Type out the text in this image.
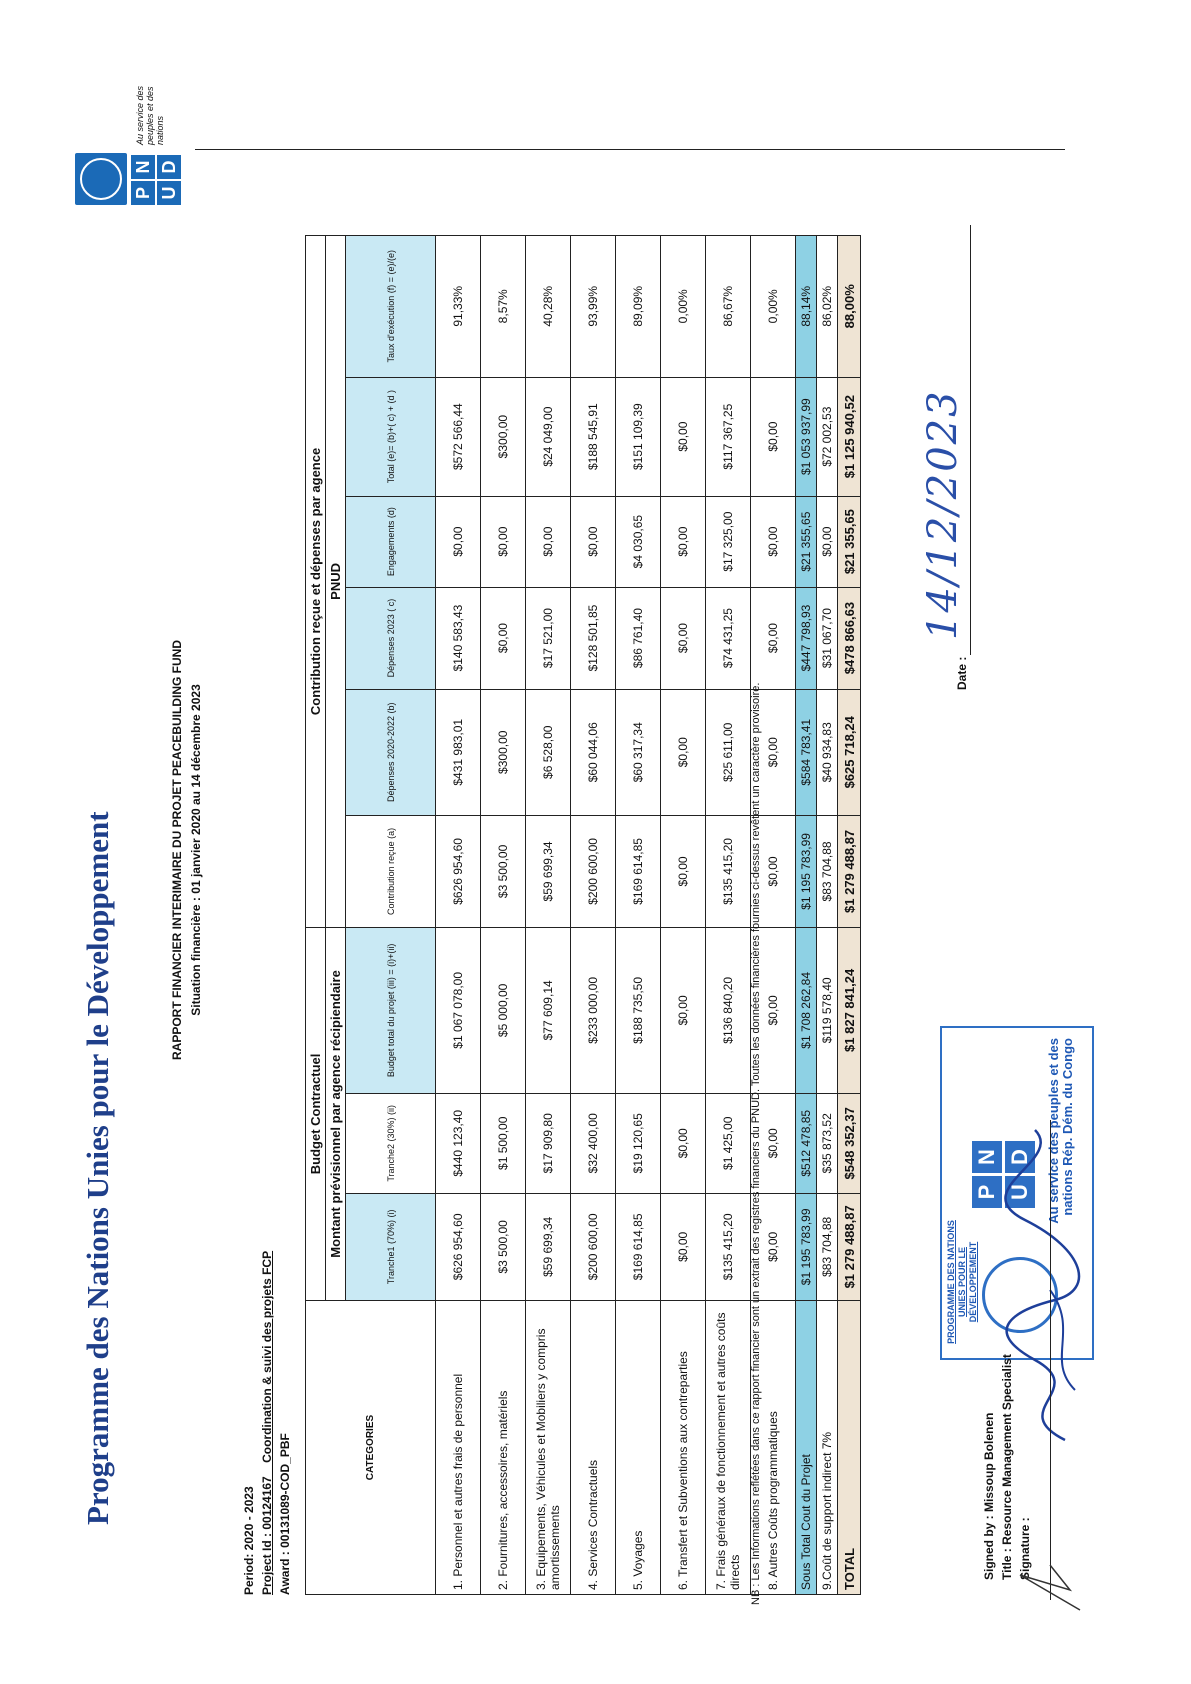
Programme des Nations Unies pour le Développement
P
N
U
D
Au service des peuples et des nations
RAPPORT FINANCIER INTERIMAIRE DU PROJET PEACEBUILDING FUND Situation financière : 01 janvier 2020 au 14 décembre 2023
Period: 2020 - 2023 Project Id : 00124167 _ Coordination & suivi des projets FCP Award : 00131089-COD_PBF	CATEGORIES	Budget Contractuel			Contribution reçue et dépenses par agence					
	Montant prévisionnel par agence récipiendaire			PNUD					
	Tranche1 (70%) (i)	Tranche2 (30%) (ii)	Budget total du projet (iii) = (i)+(ii)	Contribution reçue (a)	Dépenses 2020-2022 (b)	Dépenses 2023 ( c)	Engagements (d)	Total (e)= (b)+( c) + (d )	Taux d'exécution (f) = (e)/(e)
1. Personnel et autres frais de personnel	$626 954,60	$440 123,40	$1 067 078,00	$626 954,60	$431 983,01	$140 583,43	$0,00	$572 566,44	91,33%
2. Fournitures, accessoires, matériels	$3 500,00	$1 500,00	$5 000,00	$3 500,00	$300,00	$0,00	$0,00	$300,00	8,57%
3. Equipements, Véhicules et Mobiliers y compris amortissements	$59 699,34	$17 909,80	$77 609,14	$59 699,34	$6 528,00	$17 521,00	$0,00	$24 049,00	40,28%
4. Services Contractuels	$200 600,00	$32 400,00	$233 000,00	$200 600,00	$60 044,06	$128 501,85	$0,00	$188 545,91	93,99%
5. Voyages	$169 614,85	$19 120,65	$188 735,50	$169 614,85	$60 317,34	$86 761,40	$4 030,65	$151 109,39	89,09%
6. Transfert et Subventions aux contreparties	$0,00	$0,00	$0,00	$0,00	$0,00	$0,00	$0,00	$0,00	0,00%
7. Frais généraux de fonctionnement et autres coûts directs	$135 415,20	$1 425,00	$136 840,20	$135 415,20	$25 611,00	$74 431,25	$17 325,00	$117 367,25	86,67%
8. Autres Coûts programmatiques	$0,00	$0,00	$0,00	$0,00	$0,00	$0,00	$0,00	$0,00	0,00%
Sous Total Cout du Projet	$1 195 783,99	$512 478,85	$1 708 262,84	$1 195 783,99	$584 783,41	$447 798,93	$21 355,65	$1 053 937,99	88,14%
9.Coût de support indirect 7%	$83 704,88	$35 873,52	$119 578,40	$83 704,88	$40 934,83	$31 067,70	$0,00	$72 002,53	86,02%
TOTAL	$1 279 488,87	$548 352,37	$1 827 841,24	$1 279 488,87	$625 718,24	$478 866,63	$21 355,65	$1 125 940,52	88,00%
NB : Les Informations reflétées dans ce rapport financier sont un extrait des registres financiers du PNUD. Toutes les données financières fournies ci-dessus revêtent un caractère provisoire.	PROGRAMME DES NATIONS UNIES POUR LE DÉVELOPPEMENT
P
N
U
D Au service des peuples et des nations Rép. Dém. du Congo
Signed by : Missoup Bolenen Title : Resource Management Specialist Signature :
Date :
14/12/2023
